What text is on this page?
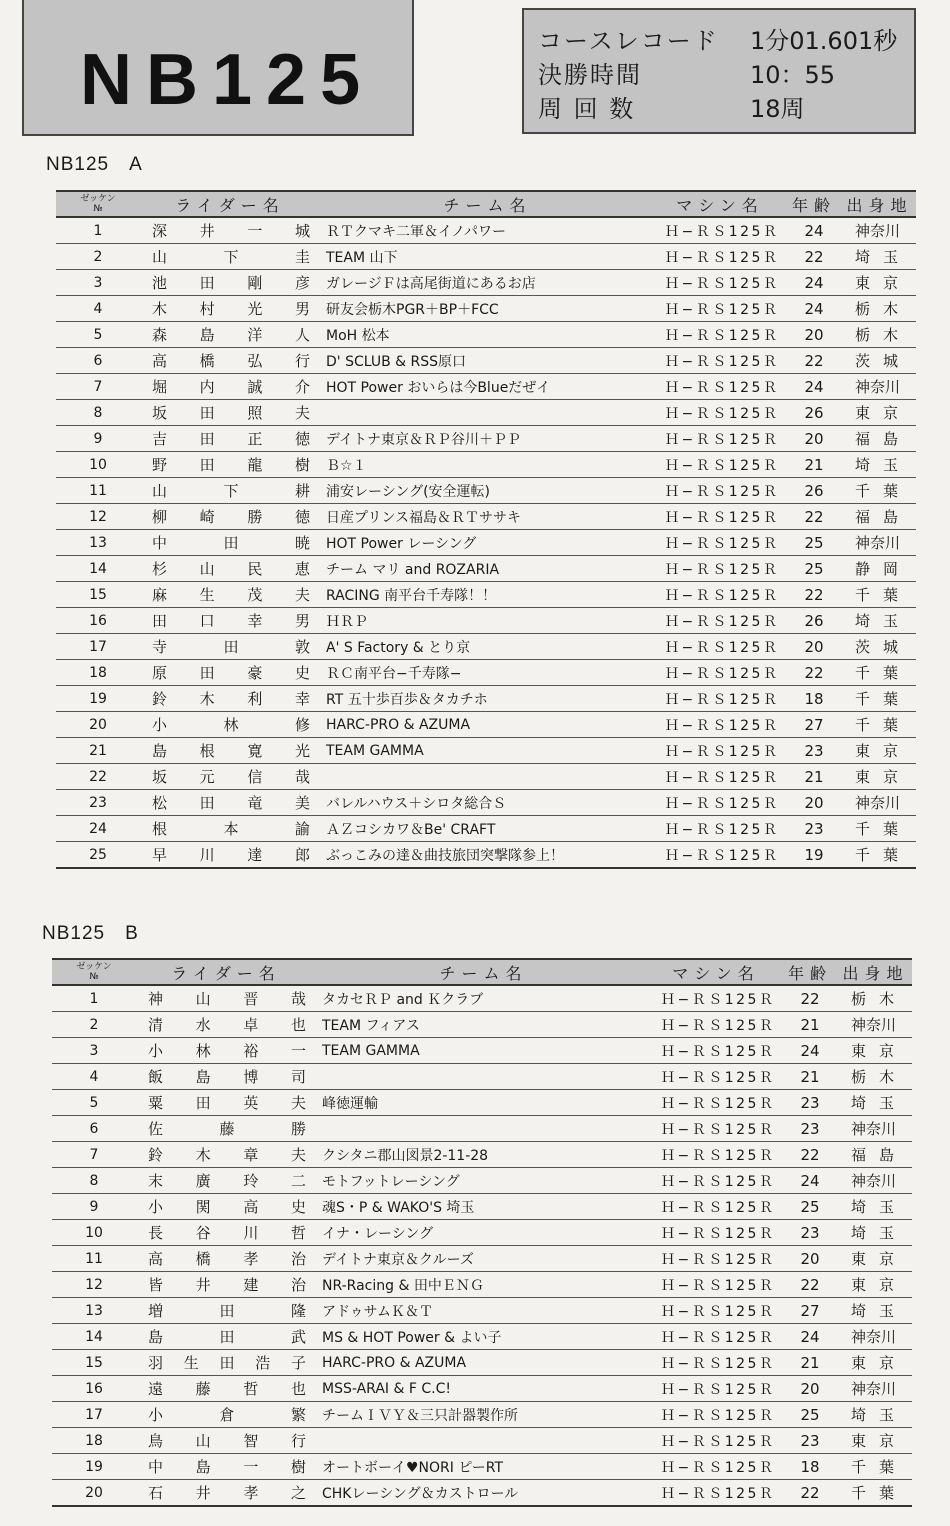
NB125	コースレコード	1分01.601秒
決勝時間	10：55
周 回 数	18周
NB125　A
ゼッケン
№	ライダー名	チーム名	マシン名	年齢	出身地
1	深井一城	ＲＴクマキ二軍＆イノパワー	Ｈ−ＲＳ125Ｒ	24	神奈川
2	山下圭	TEAM 山下	Ｈ−ＲＳ125Ｒ	22	埼玉
3	池田剛彦	ガレージＦは高尾街道にあるお店	Ｈ−ＲＳ125Ｒ	24	東京
4	木村光男	研友会栃木PGR＋BP＋FCC	Ｈ−ＲＳ125Ｒ	24	栃木
5	森島洋人	MoH 松本	Ｈ−ＲＳ125Ｒ	20	栃木
6	高橋弘行	D' SCLUB & RSS原口	Ｈ−ＲＳ125Ｒ	22	茨城
7	堀内誠介	HOT Power おいらは今Blueだぜイ	Ｈ−ＲＳ125Ｒ	24	神奈川
8	坂田照夫		Ｈ−ＲＳ125Ｒ	26	東京
9	吉田正徳	デイトナ東京＆ＲＰ谷川＋ＰＰ	Ｈ−ＲＳ125Ｒ	20	福島
10	野田龍樹	Ｂ☆１	Ｈ−ＲＳ125Ｒ	21	埼玉
11	山下耕	浦安レーシング(安全運転)	Ｈ−ＲＳ125Ｒ	26	千葉
12	柳崎勝徳	日産プリンス福島＆ＲＴササキ	Ｈ−ＲＳ125Ｒ	22	福島
13	中田暁	HOT Power レーシング	Ｈ−ＲＳ125Ｒ	25	神奈川
14	杉山民恵	チーム マリ and ROZARIA	Ｈ−ＲＳ125Ｒ	25	静岡
15	麻生茂夫	RACING 南平台千寿隊！！	Ｈ−ＲＳ125Ｒ	22	千葉
16	田口幸男	ＨＲＰ	Ｈ−ＲＳ125Ｒ	26	埼玉
17	寺田敦	A' S Factory & とり京	Ｈ−ＲＳ125Ｒ	20	茨城
18	原田豪史	ＲＣ南平台−千寿隊−	Ｈ−ＲＳ125Ｒ	22	千葉
19	鈴木利幸	RT 五十歩百歩＆タカチホ	Ｈ−ＲＳ125Ｒ	18	千葉
20	小林修	HARC-PRO & AZUMA	Ｈ−ＲＳ125Ｒ	27	千葉
21	島根寛光	TEAM GAMMA	Ｈ−ＲＳ125Ｒ	23	東京
22	坂元信哉		Ｈ−ＲＳ125Ｒ	21	東京
23	松田竜美	バレルハウス＋シロタ総合Ｓ	Ｈ−ＲＳ125Ｒ	20	神奈川
24	根本諭	ＡＺコシカワ＆Be' CRAFT	Ｈ−ＲＳ125Ｒ	23	千葉
25	早川達郎	ぶっこみの達＆曲技旅団突撃隊参上！	Ｈ−ＲＳ125Ｒ	19	千葉
NB125　B
ゼッケン
№	ライダー名	チーム名	マシン名	年齢	出身地
1	神山晋哉	タカセＲＰ and Ｋクラブ	Ｈ−ＲＳ125Ｒ	22	栃木
2	清水卓也	TEAM フィアス	Ｈ−ＲＳ125Ｒ	21	神奈川
3	小林裕一	TEAM GAMMA	Ｈ−ＲＳ125Ｒ	24	東京
4	飯島博司		Ｈ−ＲＳ125Ｒ	21	栃木
5	粟田英夫	峰徳運輸	Ｈ−ＲＳ125Ｒ	23	埼玉
6	佐藤勝		Ｈ−ＲＳ125Ｒ	23	神奈川
7	鈴木章夫	クシタニ郡山図景2-11-28	Ｈ−ＲＳ125Ｒ	22	福島
8	末廣玲二	モトフットレーシング	Ｈ−ＲＳ125Ｒ	24	神奈川
9	小関高史	魂S・P & WAKO'S 埼玉	Ｈ−ＲＳ125Ｒ	25	埼玉
10	長谷川哲	イナ・レーシング	Ｈ−ＲＳ125Ｒ	23	埼玉
11	高橋孝治	デイトナ東京＆クルーズ	Ｈ−ＲＳ125Ｒ	20	東京
12	皆井建治	NR-Racing & 田中ＥＮＧ	Ｈ−ＲＳ125Ｒ	22	東京
13	増田隆	アドゥサムＫ＆Ｔ	Ｈ−ＲＳ125Ｒ	27	埼玉
14	島田武	MS & HOT Power & よい子	Ｈ−ＲＳ125Ｒ	24	神奈川
15	羽生田浩子	HARC-PRO & AZUMA	Ｈ−ＲＳ125Ｒ	21	東京
16	遠藤哲也	MSS-ARAI & F C.C!	Ｈ−ＲＳ125Ｒ	20	神奈川
17	小倉繁	チームＩＶＹ＆三只計器製作所	Ｈ−ＲＳ125Ｒ	25	埼玉
18	鳥山智行		Ｈ−ＲＳ125Ｒ	23	東京
19	中島一樹	オートボーイ♥NORI ピーRT	Ｈ−ＲＳ125Ｒ	18	千葉
20	石井孝之	CHKレーシング＆カストロール	Ｈ−ＲＳ125Ｒ	22	千葉
